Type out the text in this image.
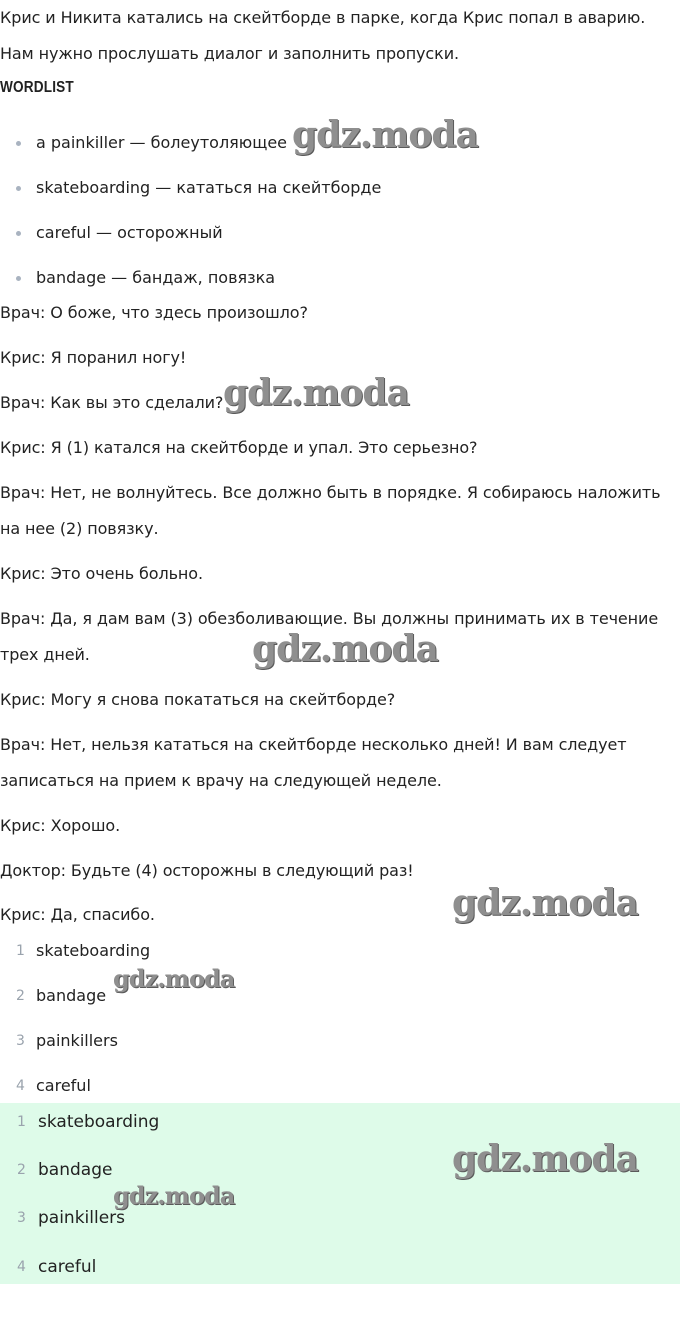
Крис и Никита катались на скейтборде в парке, когда Крис попал в аварию.

Нам нужно прослушать диалог и заполнить пропуски.

WORDLIST
a painkiller — болеутоляющее
skateboarding — кататься на скейтборде
careful — осторожный
bandage — бандаж, повязка

Врач: О боже, что здесь произошло?

Крис: Я поранил ногу!

Врач: Как вы это сделали?

Крис: Я (1) катался на скейтборде и упал. Это серьезно?

Врач: Нет, не волнуйтесь. Все должно быть в порядке. Я собираюсь наложить

на нее (2) повязку.

Крис: Это очень больно.

Врач: Да, я дам вам (3) обезболивающие. Вы должны принимать их в течение

трех дней.

Крис: Могу я снова покататься на скейтборде?

Врач: Нет, нельзя кататься на скейтборде несколько дней! И вам следует

записаться на прием к врачу на следующей неделе.

Крис: Хорошо.

Доктор: Будьте (4) осторожны в следующий раз!

Крис: Да, спасибо.

1 skateboarding
2 bandage
3 painkillers
4 careful
1 skateboarding
2 bandage
3 painkillers
4 careful
gdz.moda
gdz.moda
gdz.moda
gdz.moda
gdz.moda
gdz.moda
gdz.moda
